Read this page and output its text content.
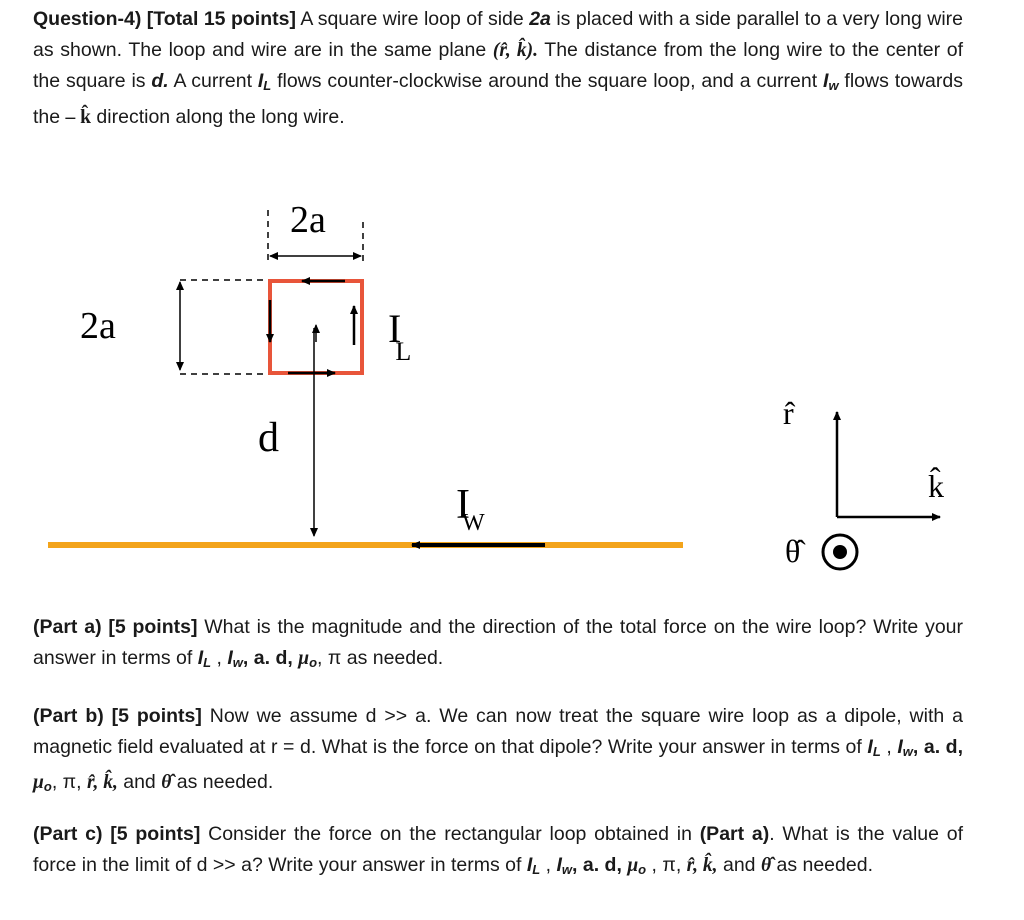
Question-4) [Total 15 points] A square wire loop of side 2a is placed with a side parallel to a very long wire as shown. The loop and wire are in the same plane (r̂, k̂). The distance from the long wire to the center of the square is d. A current $I_L$ flows counter-clockwise around the square loop, and a current $I_w$ flows towards the – k̂ direction along the long wire.
2a
2a	I L
d
IW
r̂
k̂
θ̂
(Part a) [5 points] What is the magnitude and the direction of the total force on the wire loop? Write your answer in terms of $I_L$ , $I_w$, a. d, $\mu_o$, π as needed.
(Part b) [5 points] Now we assume d >> a. We can now treat the square wire loop as a dipole, with a magnetic field evaluated at r = d. What is the force on that dipole? Write your answer in terms of $I_L$ , $I_w$, a. d, $\mu_o$, π, r̂, k̂, and θ̂ as needed.
(Part c) [5 points] Consider the force on the rectangular loop obtained in (Part a). What is the value of force in the limit of d >> a? Write your answer in terms of $I_L$ , $I_w$, a. d, $\mu_o$ , π, r̂, k̂, and θ̂ as needed.
